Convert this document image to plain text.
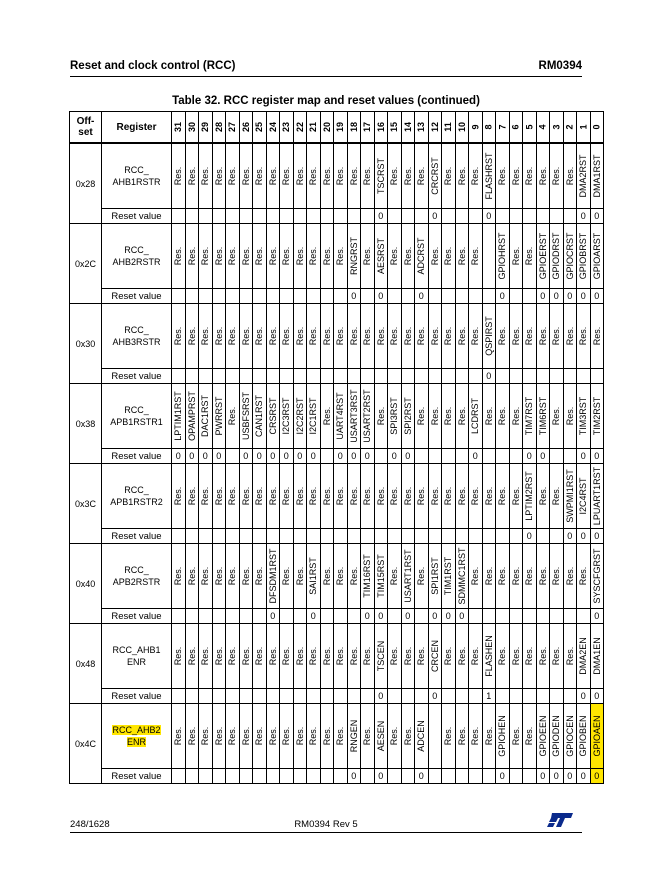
Reset and clock control (RCC)	RM0394
Table 32. RCC register map and reset values (continued)
Off-set	Register	31	30	29	28	27	26	25	24	23	22	21	20	19	18	17	16	15	14	13	12	11	10	9	8	7	6	5	4	3	2	1	0
0x28	RCC_
AHB1RSTR	Res.	Res.	Res.	Res.	Res.	Res.	Res.	Res.	Res.	Res.	Res.	Res.	Res.	Res.	Res.	TSCRST	Res.	Res.	Res.	CRCRST	Res.	Res.	Res.	FLASHRST	Res.	Res.	Res.	Res.	Res.	Res.	DMA2RST	DMA1RST

	Reset value																0				0				0							0	0
0x2C	RCC_
AHB2RSTR	Res.	Res.	Res.	Res.	Res.	Res.	Res.	Res.	Res.	Res.	Res.	Res.	Res.	RNGRST	Res.	AESRST	Res.	Res.	ADCRST	Res.	Res.	Res.	Res.		GPIOHRST	Res.	Res.	GPIOERST	GPIODRST	GPIOCRST	GPIOBRST	GPIOARST

	Reset value														0		0			0						0			0	0	0	0	0
0x30	RCC_
AHB3RSTR	Res.	Res.	Res.	Res.	Res.	Res.	Res.	Res.	Res.	Res.	Res.	Res.	Res.	Res.	Res.	Res.	Res.	Res.	Res.	Res.	Res.	Res.	Res.	QSPIRST	Res.	Res.	Res.	Res.	Res.	Res.	Res.	Res.

	Reset value																								0								
0x38	RCC_
APB1RSTR1	LPTIM1RST	OPAMPRST	DAC1RST	PWRRST	Res.	USBFSRST	CAN1RST	CRSRST	I2C3RST	I2C2RST	I2C1RST	Res.	UART4RST	USART3RST	USART2RST	Res.	SPI3RST	SPI2RST	Res.	Res.	Res.	Res.	LCDRST	Res.	Res.	Res.	TIM7RST	TIM6RST	Res.	Res.	TIM3RST	TIM2RST

	Reset value	0	0	0	0		0	0	0	0	0	0		0	0	0		0	0					0				0	0			0	0
0x3C	RCC_
APB1RSTR2	Res.	Res.	Res.	Res.	Res.	Res.	Res.	Res.	Res.	Res.	Res.	Res.	Res.	Res.	Res.	Res.	Res.	Res.	Res.	Res.	Res.	Res.	Res.	Res.	Res.	Res.	LPTIM2RST	Res.	Res.	SWPMI1RST	I2C4RST	LPUART1RST

	Reset value																											0			0	0	0
0x40	RCC_
APB2RSTR	Res.	Res.	Res.	Res.	Res.	Res.	Res.	DFSDM1RST	Res.	Res.	SAI1RST	Res.	Res.	Res.	TIM16RST	TIM15RST	Res.	USART1RST	Res.	SPI1RST	TIM1RST	SDMMC1RST	Res.	Res.	Res.	Res.	Res.	Res.	Res.	Res.	Res.	SYSCFGRST

	Reset value								0			0				0	0		0		0	0	0										0
0x48	RCC_AHB1
ENR	Res.	Res.	Res.	Res.	Res.	Res.	Res.	Res.	Res.	Res.	Res.	Res.	Res.	Res.	Res.	TSCEN	Res.	Res.	Res.	CRCEN	Res.	Res.	Res.	FLASHEN	Res.	Res.	Res.	Res.	Res.	Res.	DMA2EN	DMA1EN

	Reset value																0				0				1							0	0
0x4C	RCC_AHB2
ENR	Res.	Res.	Res.	Res.	Res.	Res.	Res.	Res.	Res.	Res.	Res.	Res.	Res.	RNGEN	Res.	AESEN	Res.	Res.	ADCEN		Res.	Res.	Res.	Res.	GPIOHEN	Res.	Res.	GPIOEEN	GPIODEN	GPIOCEN	GPIOBEN	GPIOAEN

	Reset value														0		0			0						0			0	0	0	0	0
248/1628	RM0394 Rev 5
